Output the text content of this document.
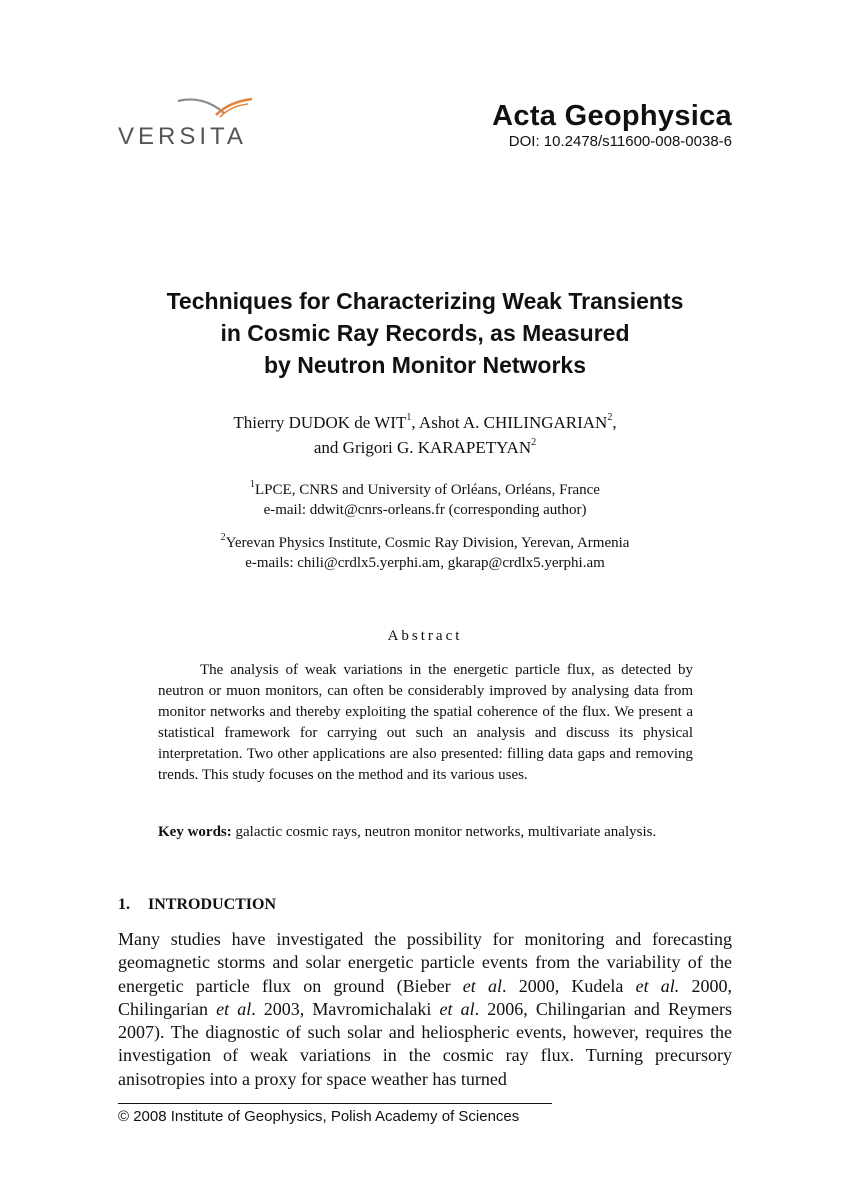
VERSITA
Acta Geophysica
DOI: 10.2478/s11600-008-0038-6
Techniques for Characterizing Weak Transients
in Cosmic Ray Records, as Measured
by Neutron Monitor Networks
Thierry DUDOK de WIT$^1$, Ashot A. CHILINGARIAN$^2$,
and Grigori G. KARAPETYAN$^2$
$^1$LPCE, CNRS and University of Orléans, Orléans, France
e-mail: ddwit@cnrs-orleans.fr (corresponding author)
$^2$Yerevan Physics Institute, Cosmic Ray Division, Yerevan, Armenia
e-mails: chili@crdlx5.yerphi.am, gkarap@crdlx5.yerphi.am
Abstract
The analysis of weak variations in the energetic particle flux, as detected by neutron or muon monitors, can often be considerably improved by analysing data from monitor networks and thereby exploiting the spatial coherence of the flux. We present a statistical framework for carrying out such an analysis and discuss its physical interpretation. Two other applications are also presented: filling data gaps and removing trends. This study focuses on the method and its various uses.
Key words: galactic cosmic rays, neutron monitor networks, multivariate analysis.
1. INTRODUCTION
Many studies have investigated the possibility for monitoring and forecasting geomagnetic storms and solar energetic particle events from the variability of the energetic particle flux on ground (Bieber et al. 2000, Kudela et al. 2000, Chilingarian et al. 2003, Mavromichalaki et al. 2006, Chilingarian and Reymers 2007). The diagnostic of such solar and heliospheric events, however, requires the investigation of weak variations in the cosmic ray flux. Turning precursory anisotropies into a proxy for space weather has turned
© 2008 Institute of Geophysics, Polish Academy of Sciences
